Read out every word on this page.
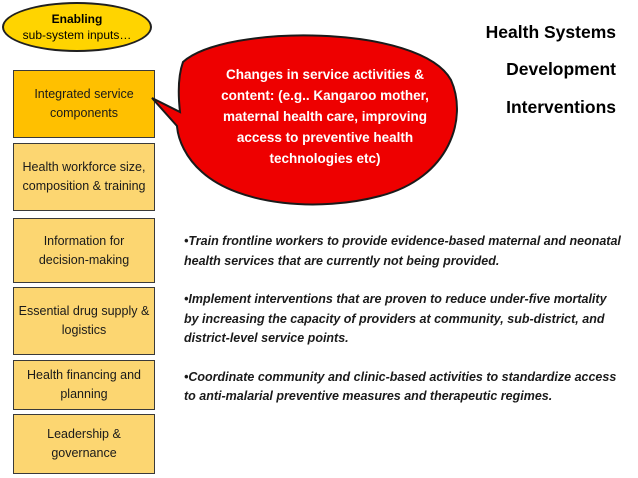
Enabling
sub-system inputs…
Integrated service components
Health workforce size, composition & training
Information for decision-making
Essential drug supply & logistics
Health financing and planning
Leadership & governance
Changes in service activities & content: (e.g.. Kangaroo mother, maternal health care, improving access to preventive health technologies etc)
Health Systems
Development
Interventions

•Train frontline workers to provide evidence-based maternal and neonatal health services that are currently not being provided.

•Implement interventions that are proven to reduce under-five mortality by increasing the capacity of providers at community, sub-district, and district-level service points.

•Coordinate community and clinic-based activities to standardize access to anti-malarial preventive measures and therapeutic regimes.
